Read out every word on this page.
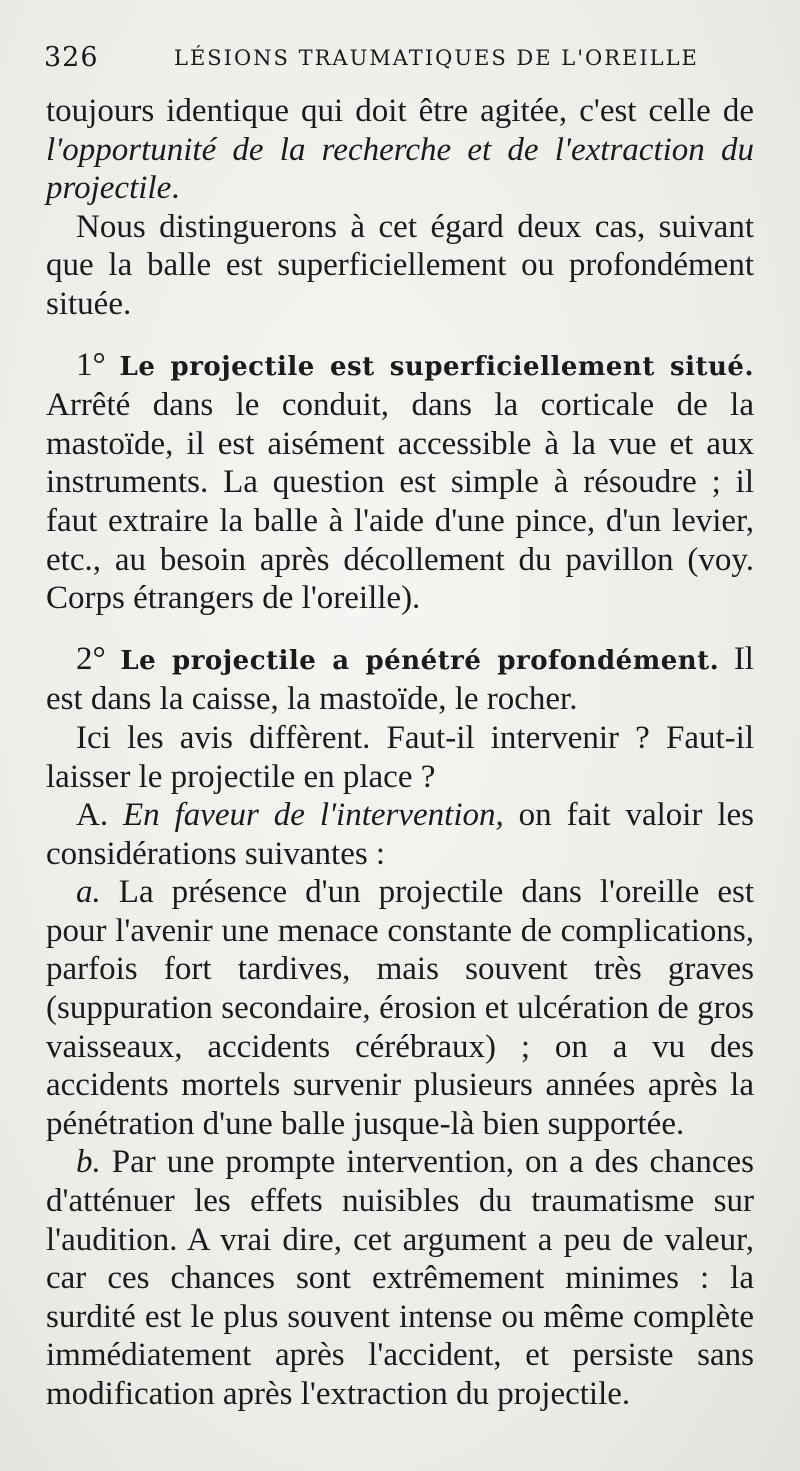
326	LÉSIONS TRAUMATIQUES DE L'OREILLE

toujours identique qui doit être agitée, c'est celle de l'opportunité de la recherche et de l'extraction du projectile.

Nous distinguerons à cet égard deux cas, suivant que la balle est superficiellement ou profondément située.

1° Le projectile est superficiellement situé. Arrêté dans le conduit, dans la corticale de la mastoïde, il est aisément accessible à la vue et aux instruments. La question est simple à résoudre ; il faut extraire la balle à l'aide d'une pince, d'un levier, etc., au besoin après décollement du pavillon (voy. Corps étrangers de l'oreille).

2° Le projectile a pénétré profondément. Il est dans la caisse, la mastoïde, le rocher.

Ici les avis diffèrent. Faut-il intervenir ? Faut-il laisser le projectile en place ?

A. En faveur de l'intervention, on fait valoir les considérations suivantes :

a. La présence d'un projectile dans l'oreille est pour l'avenir une menace constante de complications, parfois fort tardives, mais souvent très graves (suppuration secondaire, érosion et ulcération de gros vaisseaux, accidents cérébraux) ; on a vu des accidents mortels survenir plusieurs années après la pénétration d'une balle jusque-là bien supportée.

b. Par une prompte intervention, on a des chances d'atténuer les effets nuisibles du traumatisme sur l'audition. A vrai dire, cet argument a peu de valeur, car ces chances sont extrêmement minimes : la surdité est le plus souvent intense ou même complète immédiatement après l'accident, et persiste sans modification après l'extraction du projectile.
